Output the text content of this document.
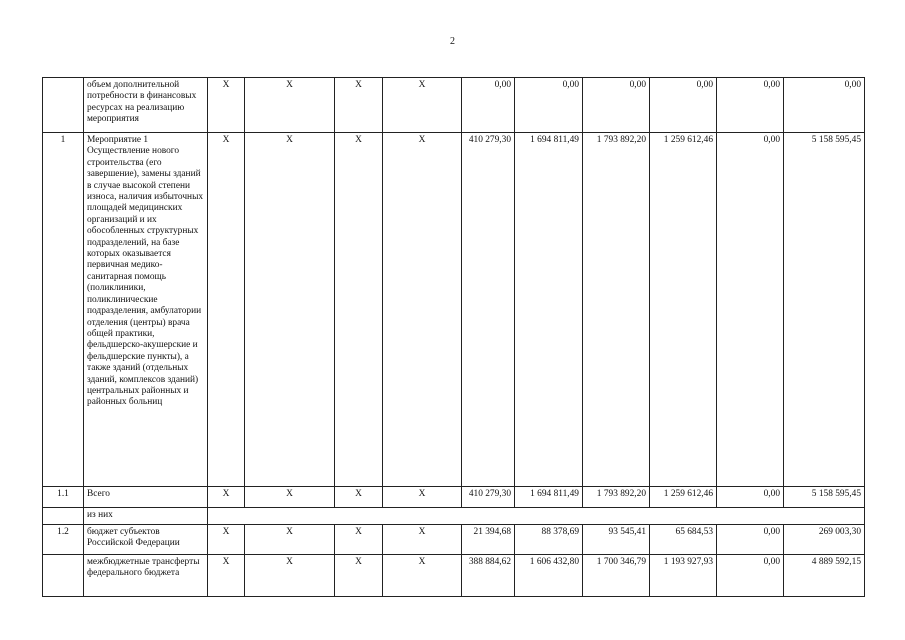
2
	объем дополнительной потребности в финансовых ресурсах на реализацию мероприятия	X	X	X	X	0,00	0,00	0,00	0,00	0,00	0,00
1	Мероприятие 1 Осуществление нового строительства (его завершение), замены зданий в случае высокой степени износа, наличия избыточных площадей медицинских организаций и их обособленных структурных подразделений, на базе которых оказывается первичная медико-санитарная помощь (поликлиники, поликлинические подразделения, амбулатории отделения (центры) врача общей практики, фельдшерско-акушерские и фельдшерские пункты), а также зданий (отдельных зданий, комплексов зданий) центральных районных и районных больниц	X	X	X	X	410 279,30	1 694 811,49	1 793 892,20	1 259 612,46	0,00	5 158 595,45
1.1	Всего	X	X	X	X	410 279,30	1 694 811,49	1 793 892,20	1 259 612,46	0,00	5 158 595,45
	из них										
1.2	бюджет субъектов Российской Федерации	X	X	X	X	21 394,68	88 378,69	93 545,41	65 684,53	0,00	269 003,30
	межбюджетные трансферты федерального бюджета	X	X	X	X	388 884,62	1 606 432,80	1 700 346,79	1 193 927,93	0,00	4 889 592,15
